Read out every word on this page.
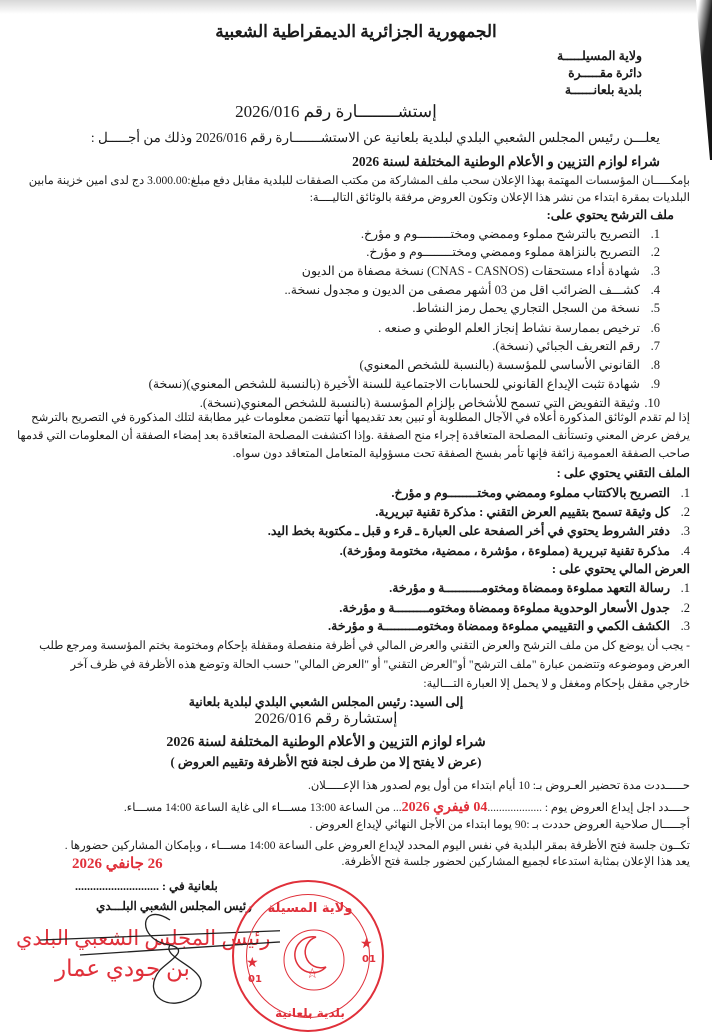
الجمهورية الجزائرية الديمقراطية الشعبية
ولاية المسيلـــــة
دائرة مقـــــرة
بلدية بلعانــــــة
إستشــــــــارة رقم 2026/016
يعلـــن رئيس المجلس الشعبي البلدي لبلدية بلعانية عن الاستشـــــــارة رقم 2026/016 وذلك من أجـــــل :
شراء لوازم التزيين و الأعلام الوطنية المختلفة لسنة 2026
بإمكـــــان المؤسسات المهتمة بهذا الإعلان سحب ملف المشاركة من مكتب الصفقات للبلدية مقابل دفع مبلغ:3.000.00 دج لدى امين خزينة مابين
البلديات بمقرة ابتداء من نشر هذا الإعلان وتكون العروض مرفقة بالوثائق التاليــــة:
ملف الترشح يحتوي على:
1.التصريح بالترشح مملوء وممضي ومختـــــــــوم و مؤرخ.
2.التصريح بالنزاهة مملوء وممضي ومختــــــــوم و مؤرخ.
3.شهادة أداء مستحقات (CNAS - CASNOS) نسخة مصفاة من الديون
4.كشـــف الضرائب اقل من 03 أشهر مصفى من الديون و مجدول نسخة..
5.نسخة من السجل التجاري يحمل رمز النشاط.
6.ترخيص بممارسة نشاط إنجاز العلم الوطني و صنعه .
7.رقم التعريف الجبائي (نسخة).
8.القانوني الأساسي للمؤسسة (بالنسبة للشخص المعنوي)
9.شهادة تثبت الإيداع القانوني للحسابات الاجتماعية للسنة الأخيرة (بالنسبة للشخص المعنوي)(نسخة)
10.وثيقة التفويض التي تسمح للأشخاص بإلزام المؤسسة (بالنسبة للشخص المعنوي(نسخة).
إذا لم تقدم الوثائق المذكورة أعلاه في الآجال المطلوبة أو تبين بعد تقديمها أنها تتضمن معلومات غير مطابقة لتلك المذكورة في التصريح بالترشح
يرفض عرض المعني وتستأنف المصلحة المتعاقدة إجراء منح الصفقة .وإذا اكتشفت المصلحة المتعاقدة بعد إمضاء الصفقة أن المعلومات التي قدمها
صاحب الصفقة العمومية زائفة فإنها تأمر بفسخ الصفقة تحت مسؤولية المتعامل المتعاقد دون سواه.
الملف التقني يحتوي على :
1.التصريح بالاكتتاب مملوء وممضي ومختــــــــوم و مؤرخ.
2.كل وثيقة تسمح بتقييم العرض التقني : مذكرة تقنية تبريرية.
3.دفتر الشروط يحتوي في أخر الصفحة على العبارة ـ قرء و قبل ـ مكتوبة بخط اليد.
4.مذكرة تقنية تبريرية (مملوءة ، مؤشرة ، ممضية، مختومة ومؤرخة).
العرض المالي يحتوي على :
1.رسالة التعهد مملوءة وممضاة ومختومــــــــــة و مؤرخة.
2.جدول الأسعار الوحدوية مملوءة وممضاة ومختومـــــــــة و مؤرخة.
3.الكشف الكمي و التقييمي مملوءة وممضاة ومختومـــــــــة و مؤرخة.
- يجب أن يوضع كل من ملف الترشح والعرض التقني والعرض المالي في أظرفة منفصلة ومقفلة بإحكام ومختومة بختم المؤسسة ومرجع طلب
العرض وموضوعه وتتضمن عبارة "ملف الترشح" أو"العرض التقني" أو "العرض المالي" حسب الحالة وتوضع هذه الأظرفة في ظرف آخر
خارجي مقفل بإحكام ومغفل و لا يحمل إلا العبارة التـــالية:
إلى السيد: رئيس المجلس الشعبي البلدي لبلدية بلعانية
إستشارة رقم 2026/016
شراء لوازم التزيين و الأعلام الوطنية المختلفة لسنة 2026
(عرض لا يفتح إلا من طرف لجنة فتح الأظرفة وتقييم العروض )
حـــــددت مدة تحضير العـروض بـ: 10 أيام ابتداء من أول يوم لصدور هذا الإعـــــلان.
حــــدد اجل إيداع العروض يوم : ...................04 فيفري 2026... من الساعة 13:00 مســـاء الى غاية الساعة 14:00 مســـاء.
أجـــــال صلاحية العروض حددت بـ :90 يوما ابتداء من الأجل النهائي لإيداع العروض .
تكــون جلسة فتح الأظرفة بمقر البلدية في نفس اليوم المحدد لإيداع العروض على الساعة 14:00 مســـاء ، وبإمكان المشاركين حضورها .
يعد هذا الإعلان بمثابة استدعاء لجميع المشاركين لحضور جلسة فتح الأظرفة.
26 جانفي 2026
بلعانية في : ............................
رئيس المجلس الشعبي البلـــدي
رئيس المجلس الشعبي البلدي
بن جودي عمار
ولاية المسيلة
بلدية بلعانية
01
01
★
★
☆
